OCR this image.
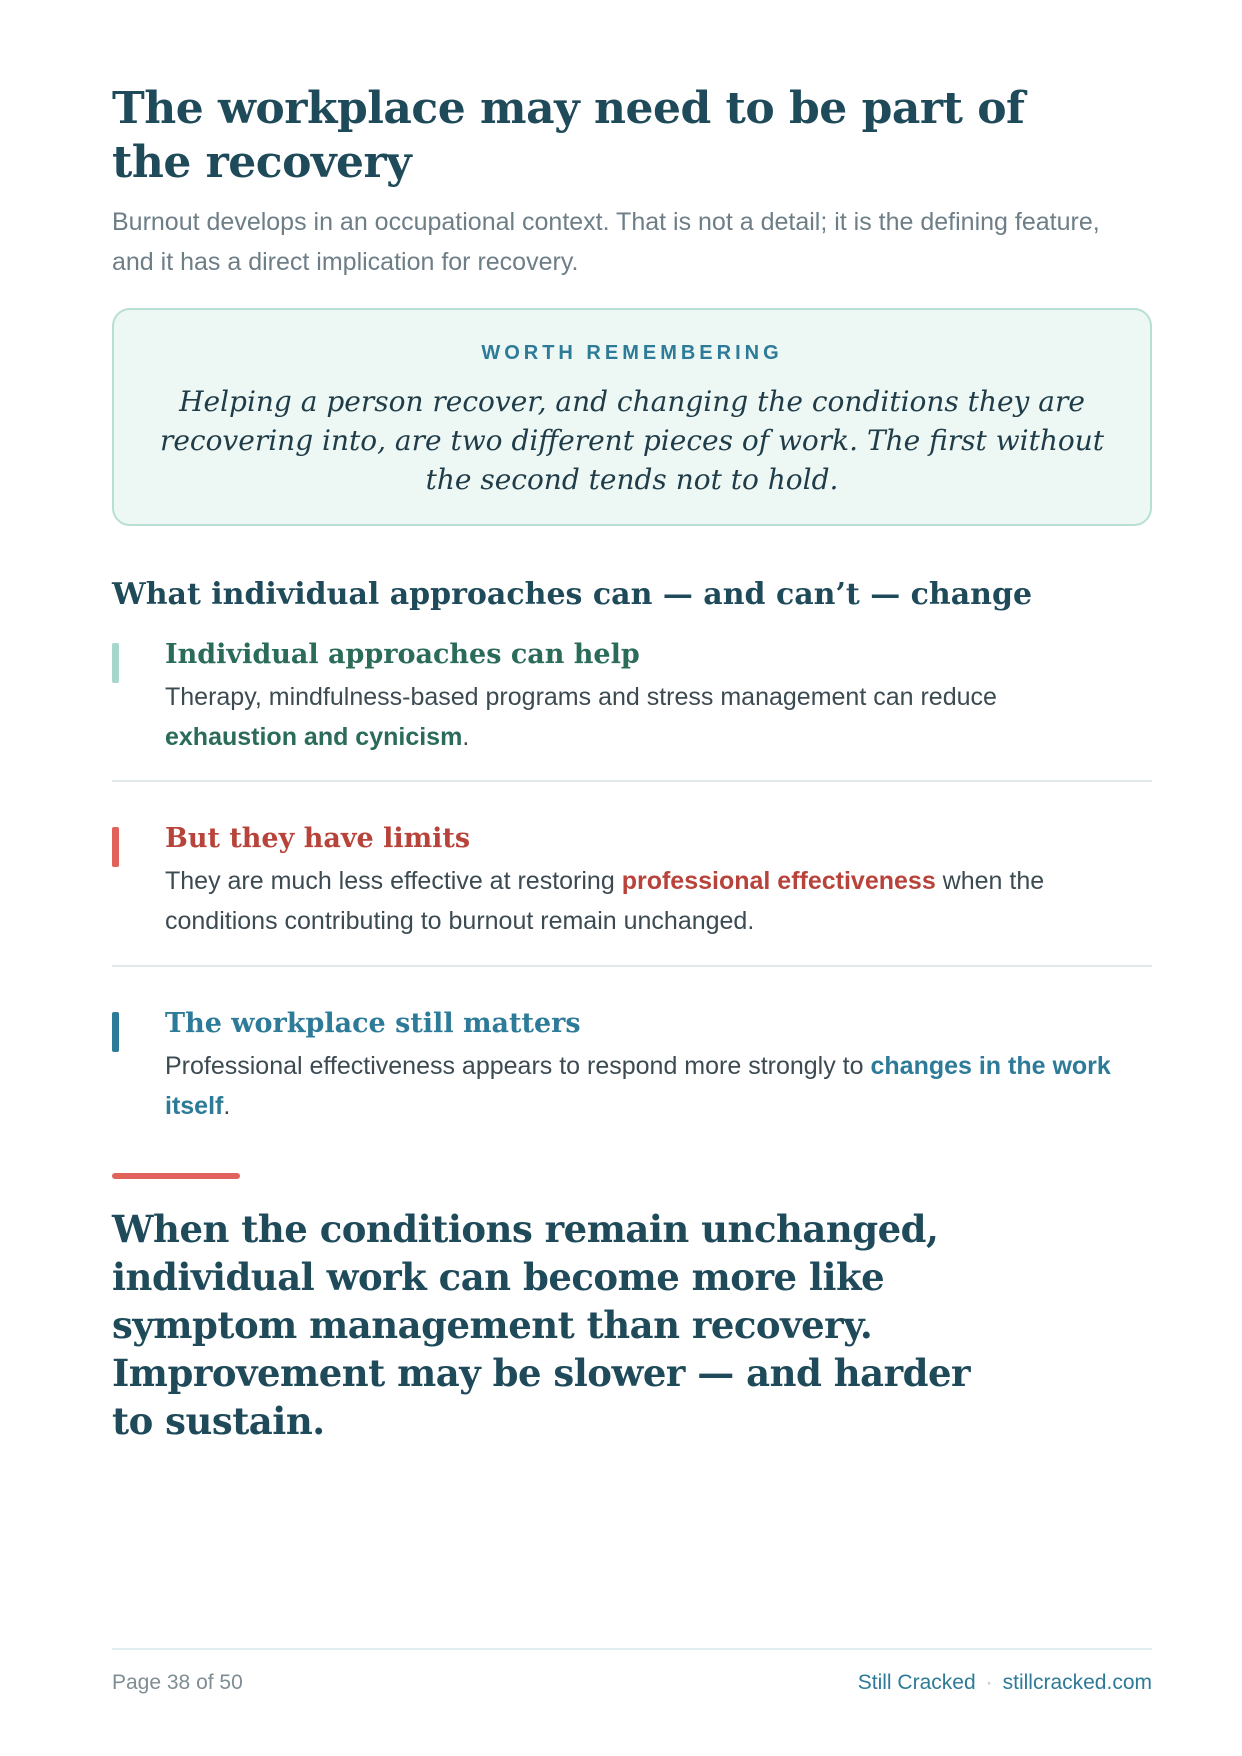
The workplace may need to be part of the recovery

Burnout develops in an occupational context. That is not a detail; it is the defining feature, and it has a direct implication for recovery.

WORTH REMEMBERING

Helping a person recover, and changing the conditions they are recovering into, are two different pieces of work. The first without the second tends not to hold.

What individual approaches can — and can’t — change
Individual approaches can help

Therapy, mindfulness-based programs and stress management can reduce exhaustion and cynicism.

But they have limits

They are much less effective at restoring professional effectiveness when the conditions contributing to burnout remain unchanged.

The workplace still matters

Professional effectiveness appears to respond more strongly to changes in the work itself.

When the conditions remain unchanged, individual work can become more like symptom management than recovery. Improvement may be slower — and harder to sustain.

Page 38 of 50	Still Cracked · stillcracked.com
